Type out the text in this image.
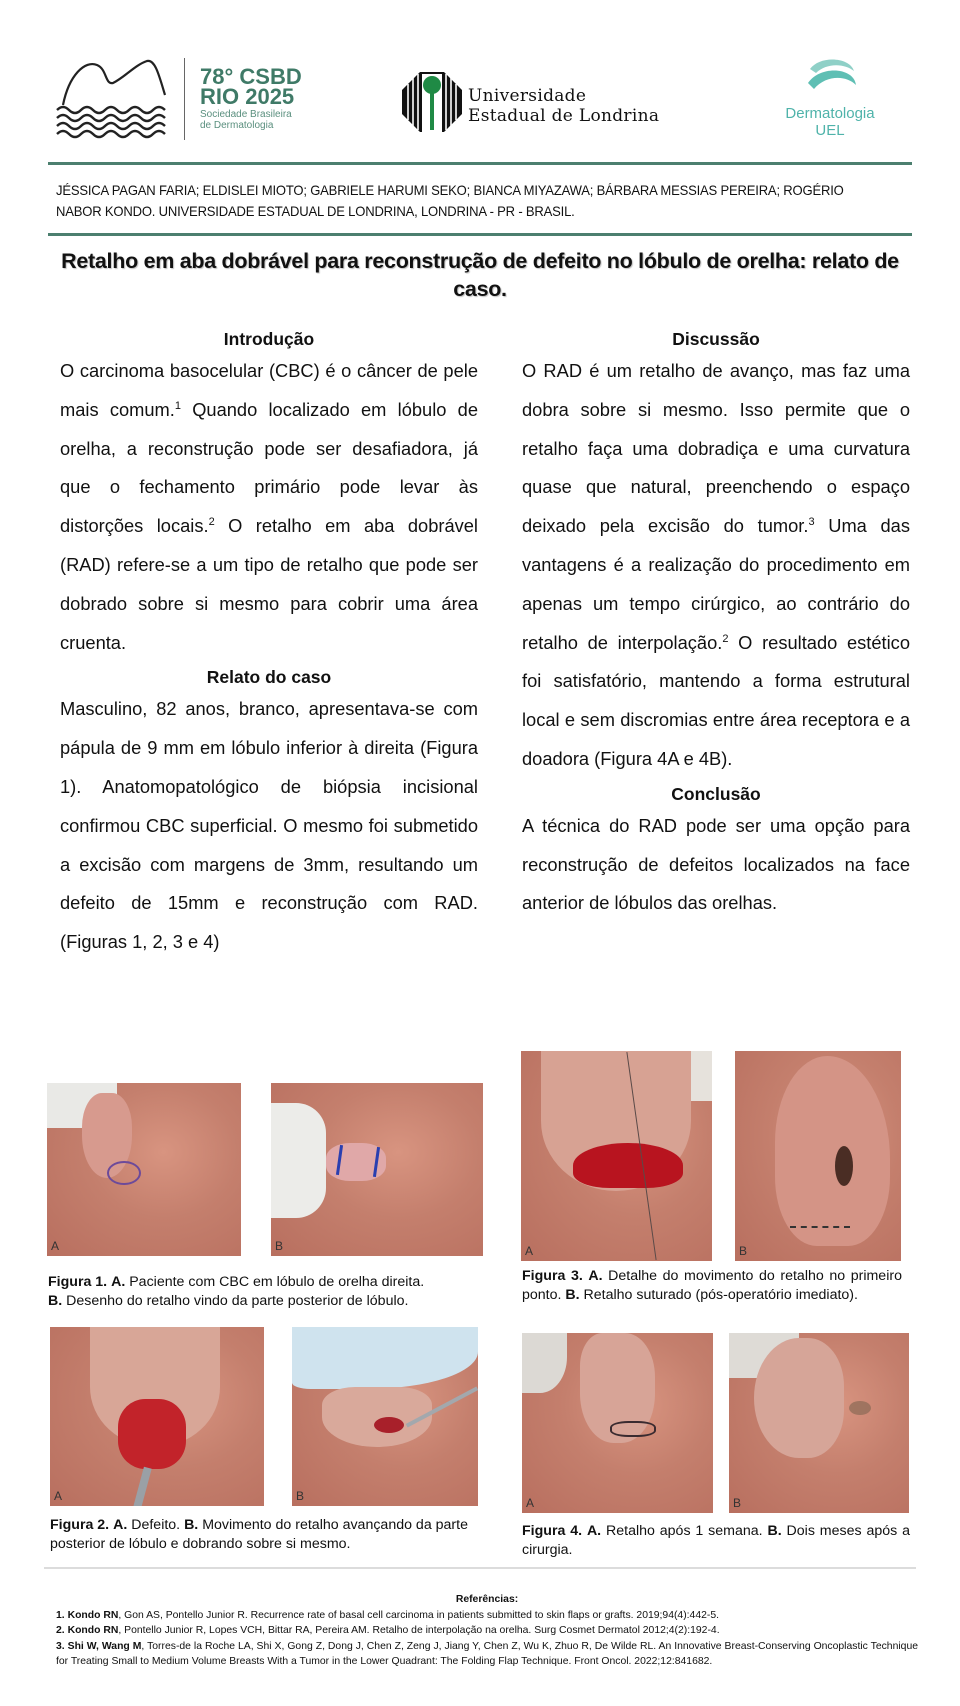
78° CSBD
RIO 2025
Sociedade Brasileira
de Dermatologia
Universidade
Estadual de Londrina	Dermatologia
UEL
JÉSSICA PAGAN FARIA; ELDISLEI MIOTO; GABRIELE HARUMI SEKO; BIANCA MIYAZAWA; BÁRBARA MESSIAS PEREIRA; ROGÉRIO NABOR KONDO. UNIVERSIDADE ESTADUAL DE LONDRINA, LONDRINA - PR - BRASIL.
Retalho em aba dobrável para reconstrução de defeito no lóbulo de orelha: relato de caso.
Introdução

O carcinoma basocelular (CBC) é o câncer de pele mais comum.$^1$ Quando localizado em lóbulo de orelha, a reconstrução pode ser desafiadora, já que o fechamento primário pode levar às distorções locais.$^2$ O retalho em aba dobrável (RAD) refere-se a um tipo de retalho que pode ser dobrado sobre si mesmo para cobrir uma área cruenta.

Relato do caso

Masculino, 82 anos, branco, apresentava-se com pápula de 9 mm em lóbulo inferior à direita (Figura 1). Anatomopatológico de biópsia incisional confirmou CBC superficial. O mesmo foi submetido a excisão com margens de 3mm, resultando um defeito de 15mm e reconstrução com RAD. (Figuras 1, 2, 3 e 4)

Discussão

O RAD é um retalho de avanço, mas faz uma dobra sobre si mesmo. Isso permite que o retalho faça uma dobradiça e uma curvatura quase que natural, preenchendo o espaço deixado pela excisão do tumor.$^3$ Uma das vantagens é a realização do procedimento em apenas um tempo cirúrgico, ao contrário do retalho de interpolação.$^2$ O resultado estético foi satisfatório, mantendo a forma estrutural local e sem discromias entre área receptora e a doadora (Figura 4A e 4B).

Conclusão

A técnica do RAD pode ser uma opção para reconstrução de defeitos localizados na face anterior de lóbulos das orelhas.

A	B
Figura 1. A. Paciente com CBC em lóbulo de orelha direita.
B. Desenho do retalho vindo da parte posterior de lóbulo.
A	B
Figura 2. A. Defeito. B. Movimento do retalho avançando da parte posterior de lóbulo e dobrando sobre si mesmo.
A	B
Figura 3. A. Detalhe do movimento do retalho no primeiro ponto. B. Retalho suturado (pós-operatório imediato).
A	B
Figura 4. A. Retalho após 1 semana. B. Dois meses após a cirurgia.
Referências:

1. Kondo RN, Gon AS, Pontello Junior R. Recurrence rate of basal cell carcinoma in patients submitted to skin flaps or grafts. 2019;94(4):442-5.

2. Kondo RN, Pontello Junior R, Lopes VCH, Bittar RA, Pereira AM. Retalho de interpolação na orelha. Surg Cosmet Dermatol 2012;4(2):192-4.

3. Shi W, Wang M, Torres-de la Roche LA, Shi X, Gong Z, Dong J, Chen Z, Zeng J, Jiang Y, Chen Z, Wu K, Zhuo R, De Wilde RL. An Innovative Breast-Conserving Oncoplastic Technique for Treating Small to Medium Volume Breasts With a Tumor in the Lower Quadrant: The Folding Flap Technique. Front Oncol. 2022;12:841682.
